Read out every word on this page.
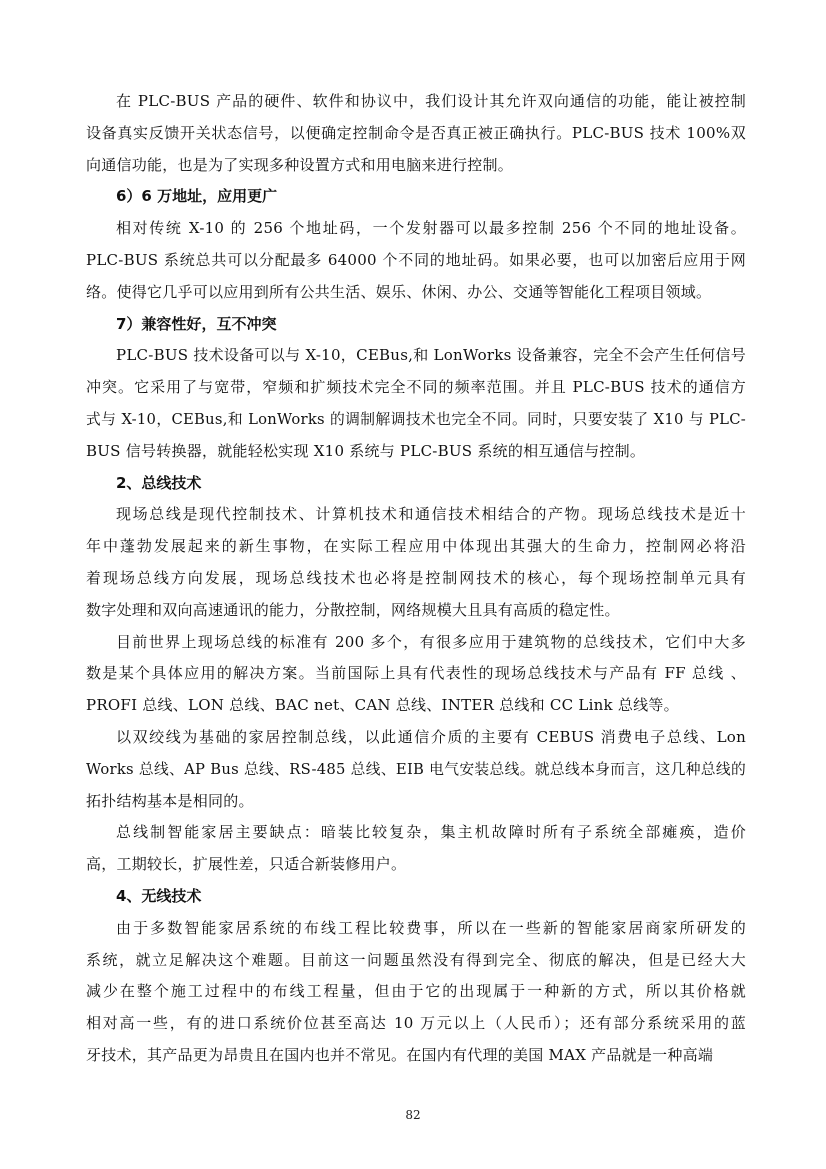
在 PLC-BUS 产品的硬件、软件和协议中，我们设计其允许双向通信的功能，能让被控制
设备真实反馈开关状态信号，以便确定控制命令是否真正被正确执行。PLC-BUS 技术 100%双
向通信功能，也是为了实现多种设置方式和用电脑来进行控制。
6）6 万地址，应用更广
相对传统 X-10 的 256 个地址码，一个发射器可以最多控制 256 个不同的地址设备。
PLC-BUS 系统总共可以分配最多 64000 个不同的地址码。如果必要，也可以加密后应用于网
络。使得它几乎可以应用到所有公共生活、娱乐、休闲、办公、交通等智能化工程项目领域。
7）兼容性好，互不冲突
PLC-BUS 技术设备可以与 X-10，CEBus,和 LonWorks 设备兼容，完全不会产生任何信号
冲突。它采用了与宽带，窄频和扩频技术完全不同的频率范围。并且 PLC-BUS 技术的通信方
式与 X-10，CEBus,和 LonWorks 的调制解调技术也完全不同。同时，只要安装了 X10 与 PLC-
BUS 信号转换器，就能轻松实现 X10 系统与 PLC-BUS 系统的相互通信与控制。
2、总线技术
现场总线是现代控制技术、计算机技术和通信技术相结合的产物。现场总线技术是近十
年中蓬勃发展起来的新生事物，在实际工程应用中体现出其强大的生命力，控制网必将沿
着现场总线方向发展，现场总线技术也必将是控制网技术的核心，每个现场控制单元具有
数字处理和双向高速通讯的能力，分散控制，网络规模大且具有高质的稳定性。
目前世界上现场总线的标准有 200 多个，有很多应用于建筑物的总线技术，它们中大多
数是某个具体应用的解决方案。当前国际上具有代表性的现场总线技术与产品有 FF 总线 、
PROFI 总线、LON 总线、BAC net、CAN 总线、INTER 总线和 CC Link 总线等。
以双绞线为基础的家居控制总线，以此通信介质的主要有 CEBUS 消费电子总线、Lon
Works 总线、AP Bus 总线、RS-485 总线、EIB 电气安装总线。就总线本身而言，这几种总线的
拓扑结构基本是相同的。
总线制智能家居主要缺点：暗装比较复杂，集主机故障时所有子系统全部瘫痪，造价
高，工期较长，扩展性差，只适合新装修用户。
4、无线技术
由于多数智能家居系统的布线工程比较费事，所以在一些新的智能家居商家所研发的
系统，就立足解决这个难题。目前这一问题虽然没有得到完全、彻底的解决，但是已经大大
减少在整个施工过程中的布线工程量，但由于它的出现属于一种新的方式，所以其价格就
相对高一些，有的进口系统价位甚至高达 10 万元以上（人民币）；还有部分系统采用的蓝
牙技术，其产品更为昂贵且在国内也并不常见。在国内有代理的美国 MAX 产品就是一种高端
82
